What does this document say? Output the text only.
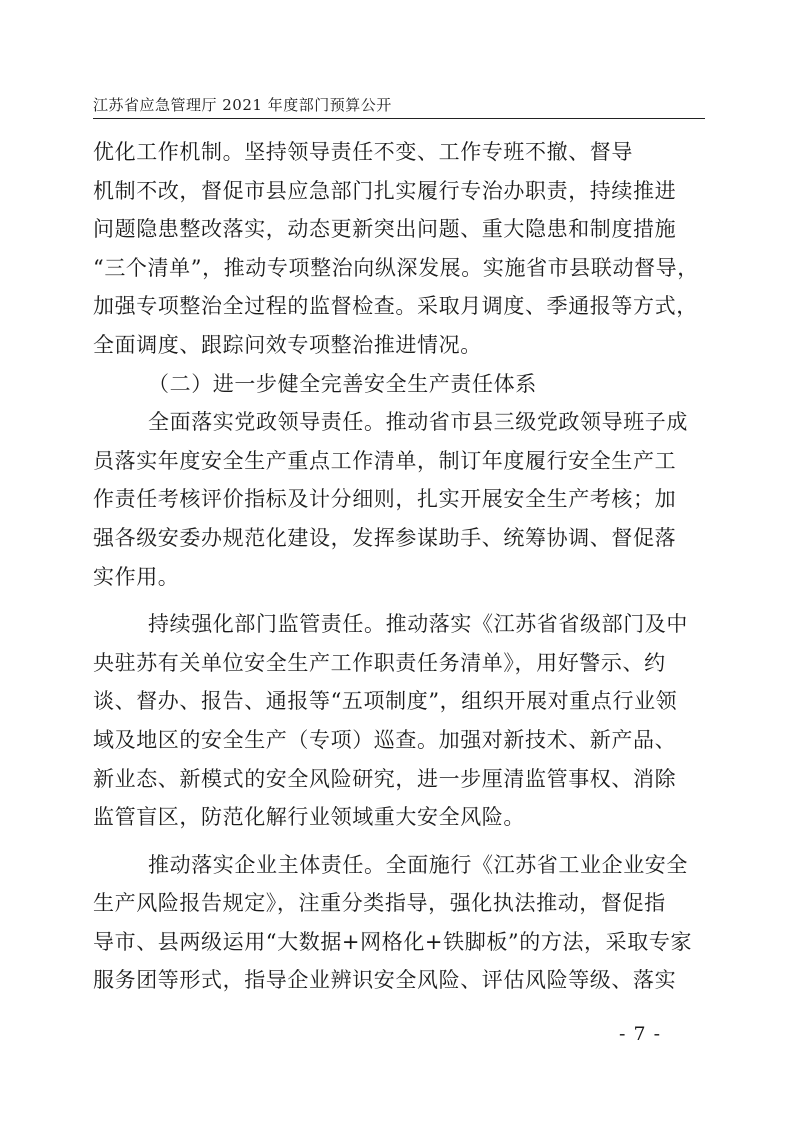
江苏省应急管理厅 2021 年度部门预算公开
优化工作机制。坚持领导责任不变、工作专班不撤、督导
机制不改，督促市县应急部门扎实履行专治办职责，持续推进
问题隐患整改落实，动态更新突出问题、重大隐患和制度措施
“三个清单”，推动专项整治向纵深发展。实施省市县联动督导，
加强专项整治全过程的监督检查。采取月调度、季通报等方式，
全面调度、跟踪问效专项整治推进情况。
（二）进一步健全完善安全生产责任体系
全面落实党政领导责任。推动省市县三级党政领导班子成
员落实年度安全生产重点工作清单，制订年度履行安全生产工
作责任考核评价指标及计分细则，扎实开展安全生产考核；加
强各级安委办规范化建设，发挥参谋助手、统筹协调、督促落
实作用。
持续强化部门监管责任。推动落实《江苏省省级部门及中
央驻苏有关单位安全生产工作职责任务清单》，用好警示、约
谈、督办、报告、通报等“五项制度”，组织开展对重点行业领
域及地区的安全生产（专项）巡查。加强对新技术、新产品、
新业态、新模式的安全风险研究，进一步厘清监管事权、消除
监管盲区，防范化解行业领域重大安全风险。
推动落实企业主体责任。全面施行《江苏省工业企业安全
生产风险报告规定》，注重分类指导，强化执法推动，督促指
导市、县两级运用“大数据+网格化+铁脚板”的方法，采取专家
服务团等形式，指导企业辨识安全风险、评估风险等级、落实
- 7 -
